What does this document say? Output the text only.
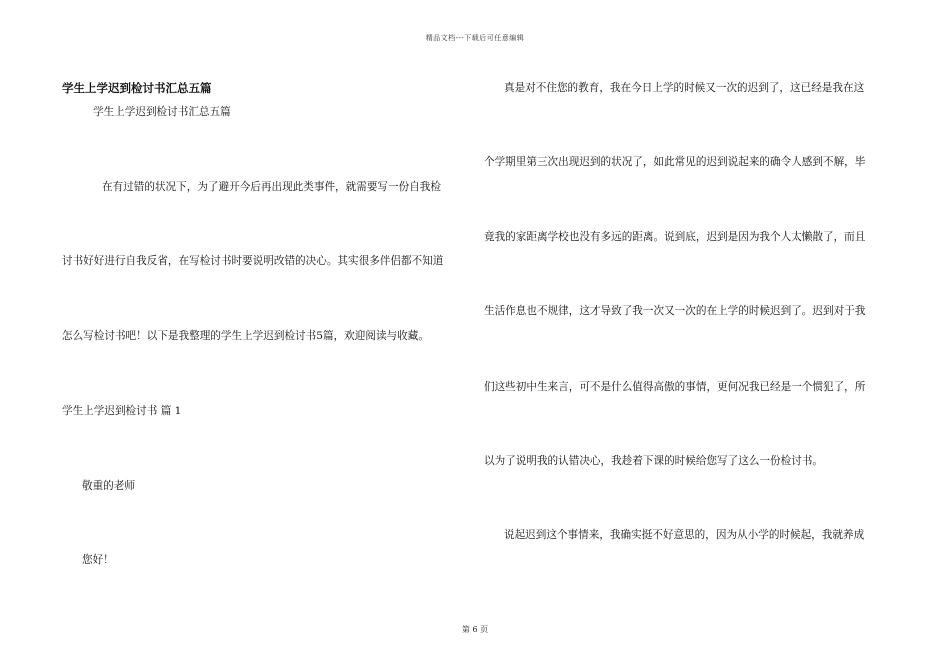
精品文档---下载后可任意编辑
学生上学迟到检讨书汇总五篇
学生上学迟到检讨书汇总五篇
在有过错的状况下，为了避开今后再出现此类事件，就需要写一份自我检
讨书好好进行自我反省，在写检讨书时要说明改错的决心。其实很多伴侣都不知道
怎么写检讨书吧！以下是我整理的学生上学迟到检讨书5篇，欢迎阅读与收藏。
学生上学迟到检讨书 篇 1
敬重的老师
您好！
真是对不住您的教育，我在今日上学的时候又一次的迟到了，这已经是我在这
个学期里第三次出现迟到的状况了，如此常见的迟到说起来的确令人感到不解，毕
竟我的家距离学校也没有多远的距离。说到底，迟到是因为我个人太懒散了，而且
生活作息也不规律，这才导致了我一次又一次的在上学的时候迟到了。迟到对于我
们这些初中生来言，可不是什么值得高傲的事情，更何况我已经是一个惯犯了，所
以为了说明我的认错决心，我趁着下课的时候给您写了这么一份检讨书。
说起迟到这个事情来，我确实挺不好意思的，因为从小学的时候起，我就养成
第 6 页
